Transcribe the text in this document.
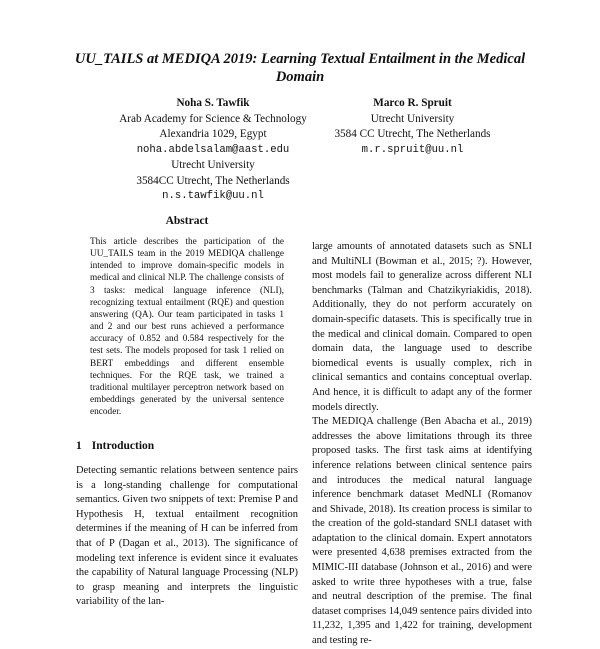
UU_TAILS at MEDIQA 2019: Learning Textual Entailment in the Medical Domain
Noha S. Tawfik
Arab Academy for Science & Technology
Alexandria 1029, Egypt
noha.abdelsalam@aast.edu
Utrecht University
3584CC Utrecht, The Netherlands
n.s.tawfik@uu.nl
Marco R. Spruit
Utrecht University
3584 CC Utrecht, The Netherlands
m.r.spruit@uu.nl
Abstract
This article describes the participation of the UU_TAILS team in the 2019 MEDIQA challenge intended to improve domain-specific models in medical and clinical NLP. The challenge consists of 3 tasks: medical language inference (NLI), recognizing textual entailment (RQE) and question answering (QA). Our team participated in tasks 1 and 2 and our best runs achieved a performance accuracy of 0.852 and 0.584 respectively for the test sets. The models proposed for task 1 relied on BERT embeddings and different ensemble techniques. For the RQE task, we trained a traditional multilayer perceptron network based on embeddings generated by the universal sentence encoder.
1 Introduction

Detecting semantic relations between sentence pairs is a long-standing challenge for computational semantics. Given two snippets of text: Premise P and Hypothesis H, textual entailment recognition determines if the meaning of H can be inferred from that of P (Dagan et al., 2013). The significance of modeling text inference is evident since it evaluates the capability of Natural language Processing (NLP) to grasp meaning and interprets the linguistic variability of the lan-

large amounts of annotated datasets such as SNLI and MultiNLI (Bowman et al., 2015; ?). However, most models fail to generalize across different NLI benchmarks (Talman and Chatzikyriakidis, 2018). Additionally, they do not perform accurately on domain-specific datasets. This is specifically true in the medical and clinical domain. Compared to open domain data, the language used to describe biomedical events is usually complex, rich in clinical semantics and contains conceptual overlap. And hence, it is difficult to adapt any of the former models directly.

The MEDIQA challenge (Ben Abacha et al., 2019) addresses the above limitations through its three proposed tasks. The first task aims at identifying inference relations between clinical sentence pairs and introduces the medical natural language inference benchmark dataset MedNLI (Romanov and Shivade, 2018). Its creation process is similar to the creation of the gold-standard SNLI dataset with adaptation to the clinical domain. Expert annotators were presented 4,638 premises extracted from the MIMIC-III database (Johnson et al., 2016) and were asked to write three hypotheses with a true, false and neutral description of the premise. The final dataset comprises 14,049 sentence pairs divided into 11,232, 1,395 and 1,422 for training, development and testing re-
